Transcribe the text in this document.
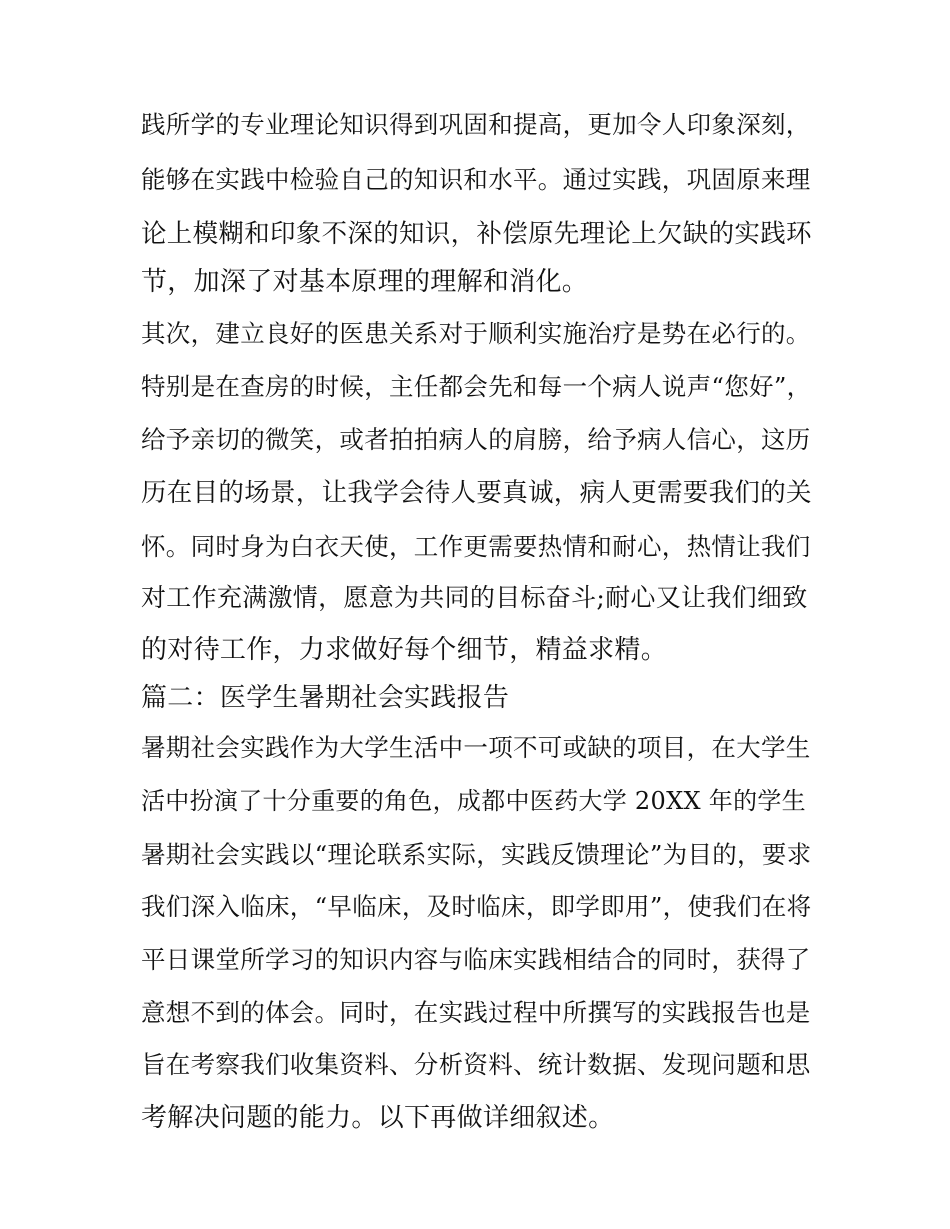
践所学的专业理论知识得到巩固和提高，更加令人印象深刻，
能够在实践中检验自己的知识和水平。通过实践，巩固原来理
论上模糊和印象不深的知识，补偿原先理论上欠缺的实践环
节，加深了对基本原理的理解和消化。
其次，建立良好的医患关系对于顺利实施治疗是势在必行的。
特别是在查房的时候，主任都会先和每一个病人说声“您好”，
给予亲切的微笑，或者拍拍病人的肩膀，给予病人信心，这历
历在目的场景，让我学会待人要真诚，病人更需要我们的关
怀。同时身为白衣天使，工作更需要热情和耐心，热情让我们
对工作充满激情，愿意为共同的目标奋斗;耐心又让我们细致
的对待工作，力求做好每个细节，精益求精。
篇二：医学生暑期社会实践报告
暑期社会实践作为大学生活中一项不可或缺的项目，在大学生
活中扮演了十分重要的角色，成都中医药大学 20XX 年的学生
暑期社会实践以“理论联系实际，实践反馈理论”为目的，要求
我们深入临床，“早临床，及时临床，即学即用”，使我们在将
平日课堂所学习的知识内容与临床实践相结合的同时，获得了
意想不到的体会。同时，在实践过程中所撰写的实践报告也是
旨在考察我们收集资料、分析资料、统计数据、发现问题和思
考解决问题的能力。以下再做详细叙述。
